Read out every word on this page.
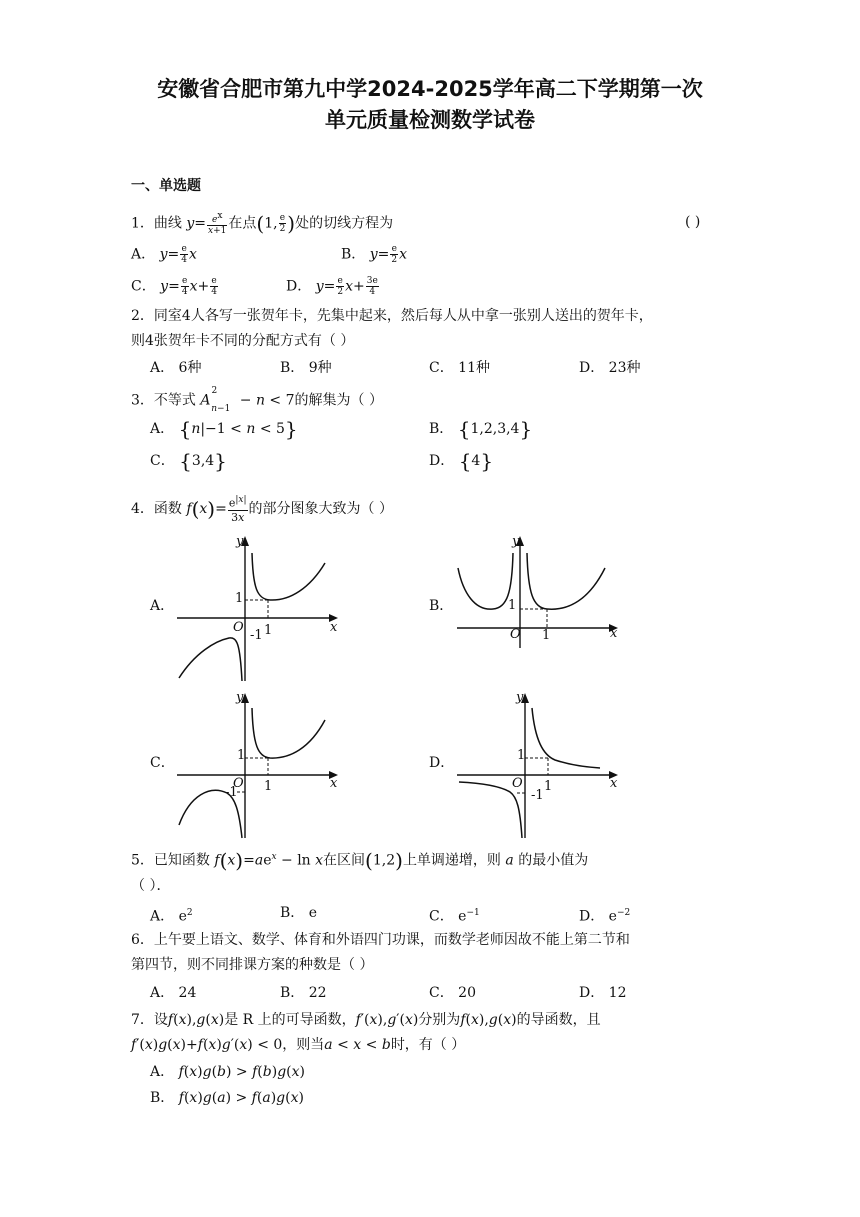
安徽省合肥市第九中学2024-2025学年高二下学期第一次
单元质量检测数学试卷
一、单选题
1．曲线 $y= \frac{e^x}{x+1}$ 在点(1, $\frac{e}{2}$ )处的切线方程为	( )
A． $y= \frac{e}{4}$ x	B． $y= \frac{e}{2}$ x
C． $y= \frac{e}{4} x+ \frac{e}{4}$	D． $y= \frac{e}{2} x+ \frac{3e}{4}$
2．同室4人各写一张贺年卡，先集中起来，然后每人从中拿一张别人送出的贺年卡，
则4张贺年卡不同的分配方式有（ ）
A． 6种	B． 9种	C． 11种	D． 23种
3．不等式 $A^2_{n-1} - n < 7$的解集为（ ）
A． {n|−1 < n < 5}	B． {1,2,3,4}
C． {3,4}	D． {4}
4．函数 $f(x)= \frac{e^{|x|}}{3x}$ 的部分图象大致为（ ）
A．	B．
C．	D．
y
x
O
1
1
-1
y
x
O
1
1
y
x
O
1
1
-1
y
x
O
1
1
-1
5．已知函数 $f(x)=ae^x - \ln x$在区间(1,2)上单调递增，则 a 的最小值为
（ ）．
A． $e^2$	B． e	C． $e^{-1}$	D． $e^{-2}$
6．上午要上语文、数学、体育和外语四门功课，而数学老师因故不能上第二节和
第四节，则不同排课方案的种数是（ ）
A． 24	B． 22	C． 20	D． 12
7．设f(x),g(x)是 R 上的可导函数，f′(x),g′(x)分别为f(x),g(x)的导函数，且
f′(x)g(x)+f(x)g′(x) < 0，则当a < x < b时，有（ ）
A． f(x)g(b) > f(b)g(x)
B． f(x)g(a) > f(a)g(x)
